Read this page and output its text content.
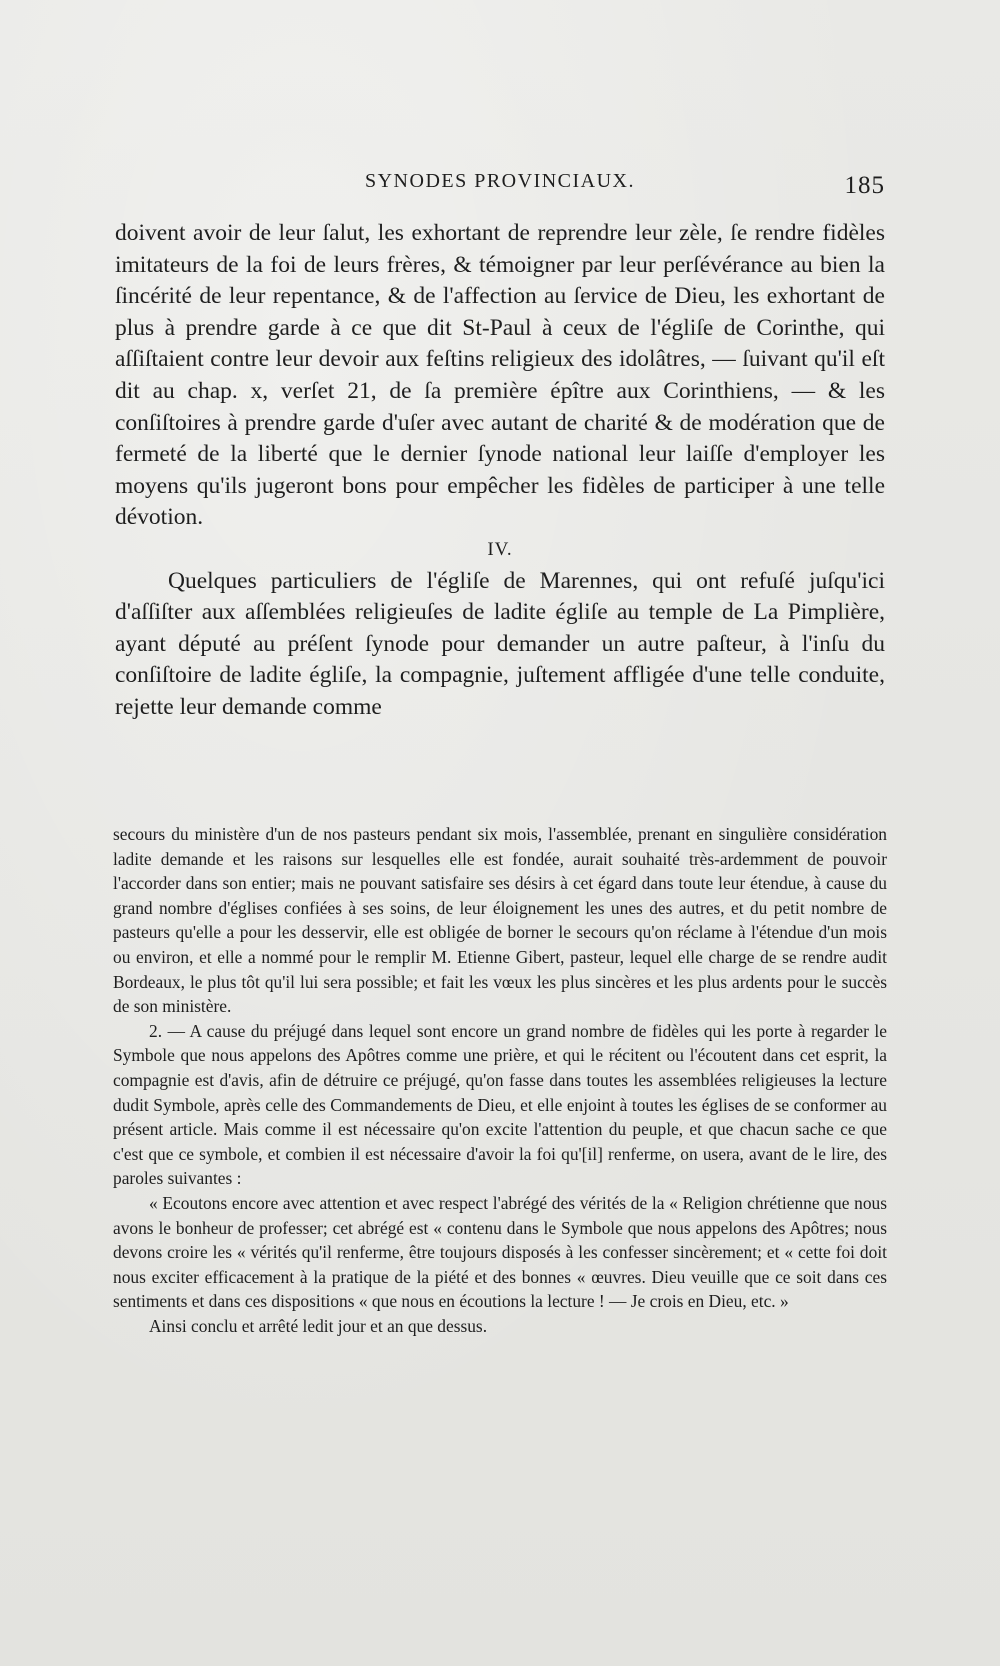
SYNODES PROVINCIAUX.	185

doivent avoir de leur ſalut, les exhortant de reprendre leur zèle, ſe rendre fidèles imitateurs de la foi de leurs frères, & témoigner par leur perſévérance au bien la ſincérité de leur repentance, & de l'affection au ſervice de Dieu, les exhortant de plus à prendre garde à ce que dit St-Paul à ceux de l'égliſe de Corinthe, qui aſſiſtaient contre leur devoir aux feſtins religieux des idolâtres, — ſuivant qu'il eſt dit au chap. x, verſet 21, de ſa première épître aux Corinthiens, — & les conſiſtoires à prendre garde d'uſer avec autant de charité & de modération que de fermeté de la liberté que le dernier ſynode national leur laiſſe d'employer les moyens qu'ils jugeront bons pour empêcher les fidèles de participer à une telle dévotion.

IV.

Quelques particuliers de l'égliſe de Marennes, qui ont refuſé juſqu'ici d'aſſiſter aux aſſemblées religieuſes de ladite égliſe au temple de La Pimplière, ayant député au préſent ſynode pour demander un autre paſteur, à l'inſu du conſiſtoire de ladite égliſe, la compagnie, juſtement affligée d'une telle conduite, rejette leur demande comme

secours du ministère d'un de nos pasteurs pendant six mois, l'assemblée, prenant en singulière considération ladite demande et les raisons sur lesquelles elle est fondée, aurait souhaité très-ardemment de pouvoir l'accorder dans son entier; mais ne pouvant satisfaire ses désirs à cet égard dans toute leur étendue, à cause du grand nombre d'églises confiées à ses soins, de leur éloignement les unes des autres, et du petit nombre de pasteurs qu'elle a pour les desservir, elle est obligée de borner le secours qu'on réclame à l'étendue d'un mois ou environ, et elle a nommé pour le remplir M. Etienne Gibert, pasteur, lequel elle charge de se rendre audit Bordeaux, le plus tôt qu'il lui sera possible; et fait les vœux les plus sincères et les plus ardents pour le succès de son ministère.

2. — A cause du préjugé dans lequel sont encore un grand nombre de fidèles qui les porte à regarder le Symbole que nous appelons des Apôtres comme une prière, et qui le récitent ou l'écoutent dans cet esprit, la compagnie est d'avis, afin de détruire ce préjugé, qu'on fasse dans toutes les assemblées religieuses la lecture dudit Symbole, après celle des Commandements de Dieu, et elle enjoint à toutes les églises de se conformer au présent article. Mais comme il est nécessaire qu'on excite l'attention du peuple, et que chacun sache ce que c'est que ce symbole, et combien il est nécessaire d'avoir la foi qu'[il] renferme, on usera, avant de le lire, des paroles suivantes :

« Ecoutons encore avec attention et avec respect l'abrégé des vérités de la « Religion chrétienne que nous avons le bonheur de professer; cet abrégé est « contenu dans le Symbole que nous appelons des Apôtres; nous devons croire les « vérités qu'il renferme, être toujours disposés à les confesser sincèrement; et « cette foi doit nous exciter efficacement à la pratique de la piété et des bonnes « œuvres. Dieu veuille que ce soit dans ces sentiments et dans ces dispositions « que nous en écoutions la lecture ! — Je crois en Dieu, etc. »

Ainsi conclu et arrêté ledit jour et an que dessus.
